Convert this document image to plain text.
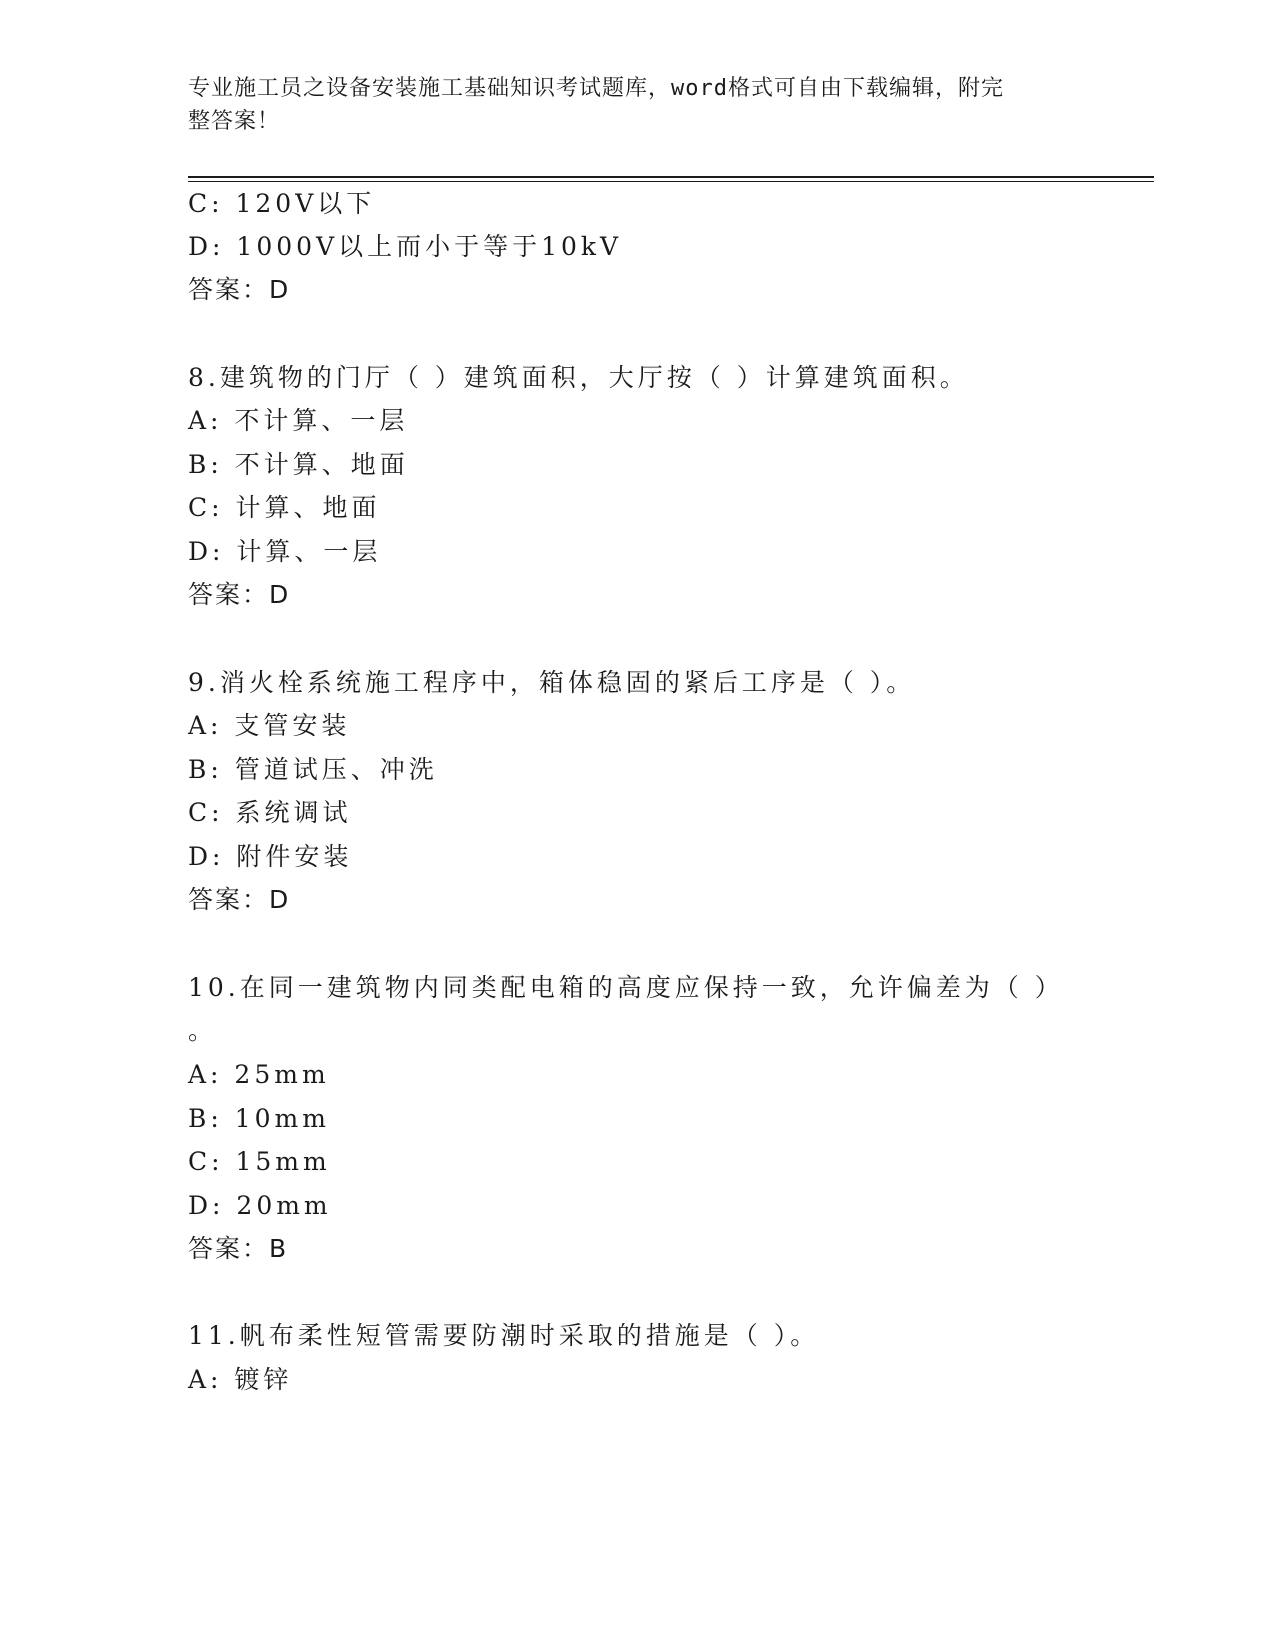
专业施工员之设备安装施工基础知识考试题库，word格式可自由下载编辑，附完
整答案！
C: 120V以下
D: 1000V以上而小于等于10kV
答案：D
8.建筑物的门厅（ ）建筑面积，大厅按（ ）计算建筑面积。
A: 不计算、一层
B: 不计算、地面
C: 计算、地面
D: 计算、一层
答案：D
9.消火栓系统施工程序中，箱体稳固的紧后工序是（ ）。
A: 支管安装
B: 管道试压、冲洗
C: 系统调试
D: 附件安装
答案：D
10.在同一建筑物内同类配电箱的高度应保持一致，允许偏差为（ ）
。
A: 25mm
B: 10mm
C: 15mm
D: 20mm
答案：B
11.帆布柔性短管需要防潮时采取的措施是（ ）。
A: 镀锌
